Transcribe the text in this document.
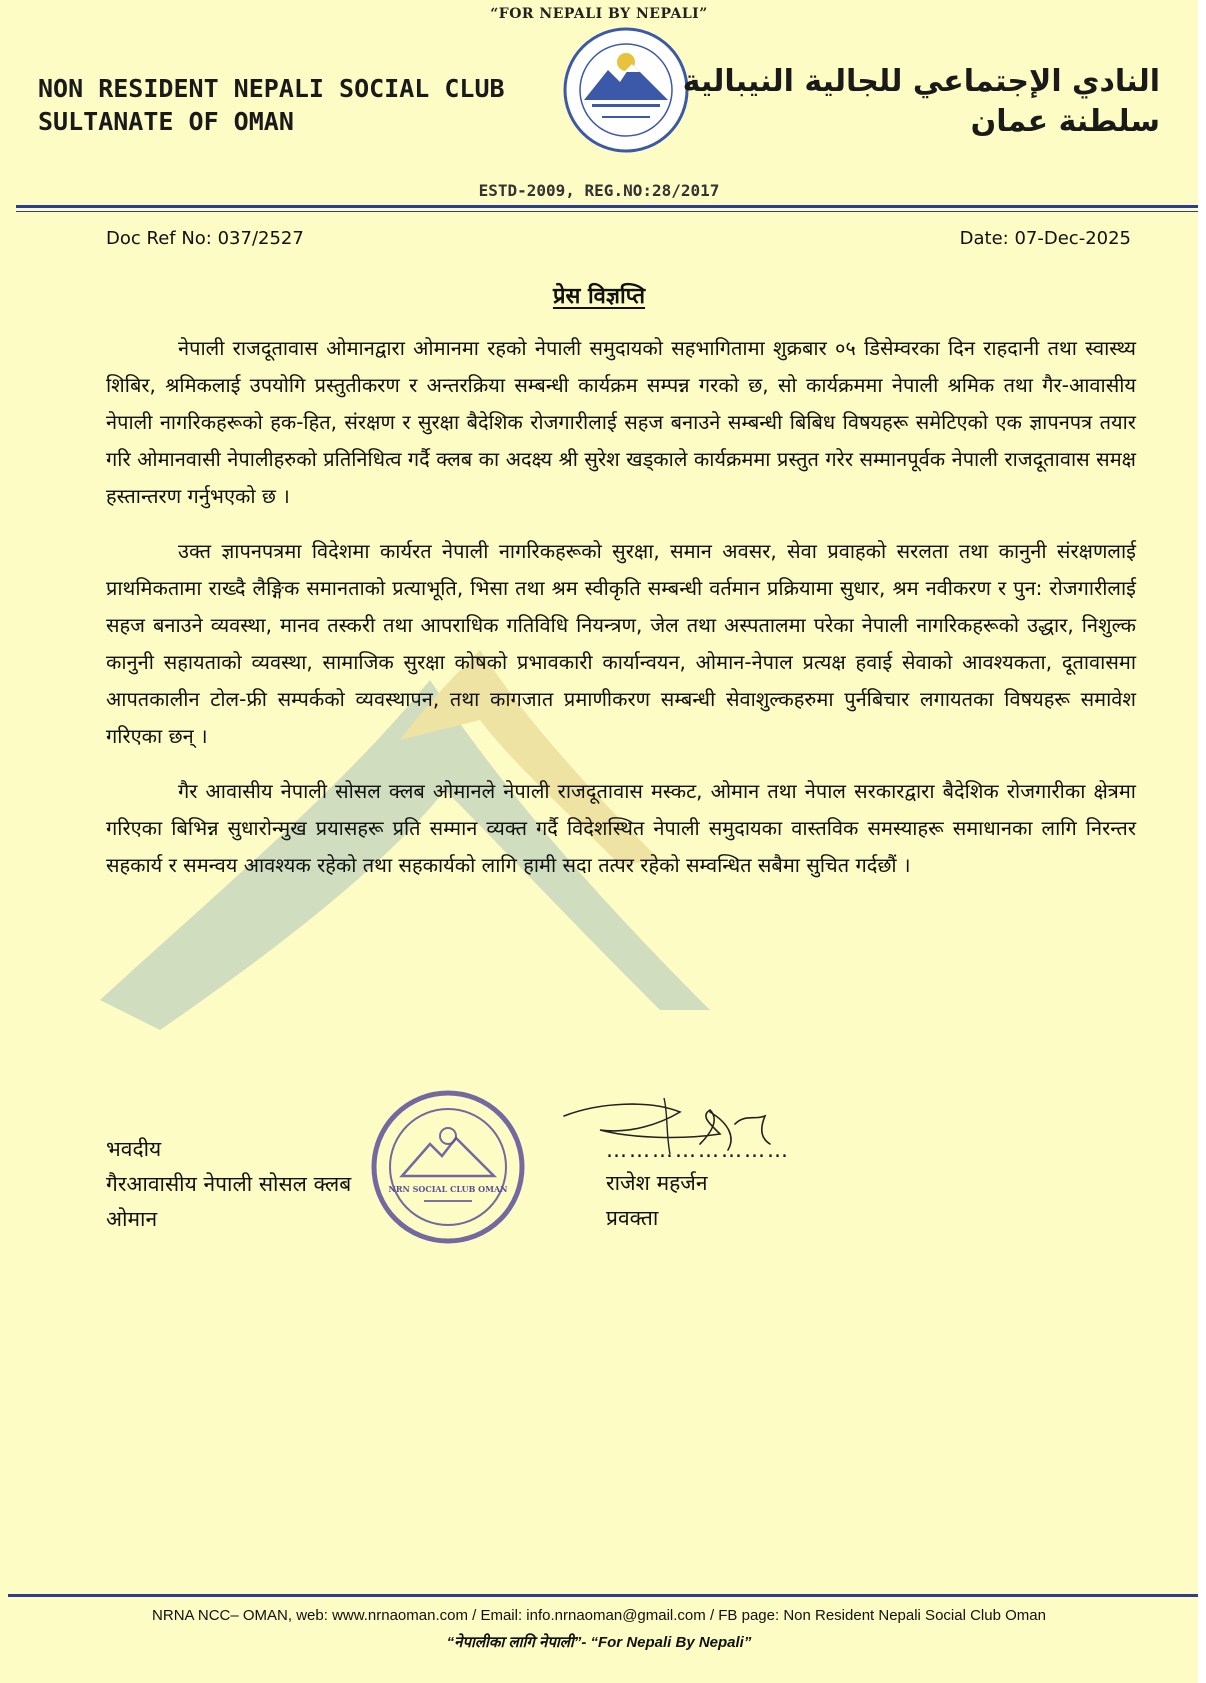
“FOR NEPALI BY NEPALI”
NON RESIDENT NEPALI SOCIAL CLUB
SULTANATE OF OMAN
النادي الإجتماعي للجالية النيبالية
سلطنة عمان
ESTD-2009, REG.NO:28/2017
Doc Ref No: 037/2527	Date: 07-Dec-2025
प्रेस विज्ञप्ति

नेपाली राजदूतावास ओमानद्वारा ओमानमा रहको नेपाली समुदायको सहभागितामा शुक्रबार ०५ डिसेम्वरका दिन राहदानी तथा स्वास्थ्य शिबिर, श्रमिकलाई उपयोगि प्रस्तुतीकरण र अन्तरक्रिया सम्बन्धी कार्यक्रम सम्पन्न गरको छ, सो कार्यक्रममा नेपाली श्रमिक तथा गैर-आवासीय नेपाली नागरिकहरूको हक-हित, संरक्षण र सुरक्षा बैदेशिक रोजगारीलाई सहज बनाउने सम्बन्धी बिबिध विषयहरू समेटिएको एक ज्ञापनपत्र तयार गरि ओमानवासी नेपालीहरुको प्रतिनिधित्व गर्दै क्लब का अदक्ष्य श्री सुरेश खड्काले कार्यक्रममा प्रस्तुत गरेर सम्मानपूर्वक नेपाली राजदूतावास समक्ष हस्तान्तरण गर्नुभएको छ ।

उक्त ज्ञापनपत्रमा विदेशमा कार्यरत नेपाली नागरिकहरूको सुरक्षा, समान अवसर, सेवा प्रवाहको सरलता तथा कानुनी संरक्षणलाई प्राथमिकतामा राख्दै लैङ्गिक समानताको प्रत्याभूति, भिसा तथा श्रम स्वीकृति सम्बन्धी वर्तमान प्रक्रियामा सुधार, श्रम नवीकरण र पुन: रोजगारीलाई सहज बनाउने व्यवस्था, मानव तस्करी तथा आपराधिक गतिविधि नियन्त्रण, जेल तथा अस्पतालमा परेका नेपाली नागरिकहरूको उद्धार, निशुल्क कानुनी सहायताको व्यवस्था, सामाजिक सुरक्षा कोषको प्रभावकारी कार्यान्वयन, ओमान-नेपाल प्रत्यक्ष हवाई सेवाको आवश्यकता, दूतावासमा आपतकालीन टोल-फ्री सम्पर्कको व्यवस्थापन, तथा कागजात प्रमाणीकरण सम्बन्धी सेवाशुल्कहरुमा पुर्नबिचार लगायतका विषयहरू समावेश गरिएका छन् ।

गैर आवासीय नेपाली सोसल क्लब ओमानले नेपाली राजदूतावास मस्कट, ओमान तथा नेपाल सरकारद्वारा बैदेशिक रोजगारीका क्षेत्रमा गरिएका बिभिन्न सुधारोन्मुख प्रयासहरू प्रति सम्मान व्यक्त गर्दै विदेशस्थित नेपाली समुदायका वास्तविक समस्याहरू समाधानका लागि निरन्तर सहकार्य र समन्वय आवश्यक रहेको तथा सहकार्यको लागि हामी सदा तत्पर रहेको सम्वन्धित सबैमा सुचित गर्दछौं ।

भवदीय
गैरआवासीय नेपाली सोसल क्लब
ओमान
NRN SOCIAL CLUB OMAN
……………………
राजेश महर्जन
प्रवक्ता
NRNA NCC– OMAN, web: www.nrnaoman.com / Email: info.nrnaoman@gmail.com / FB page: Non Resident Nepali Social Club Oman
“नेपालीका लागि नेपाली”- “For Nepali By Nepali”
